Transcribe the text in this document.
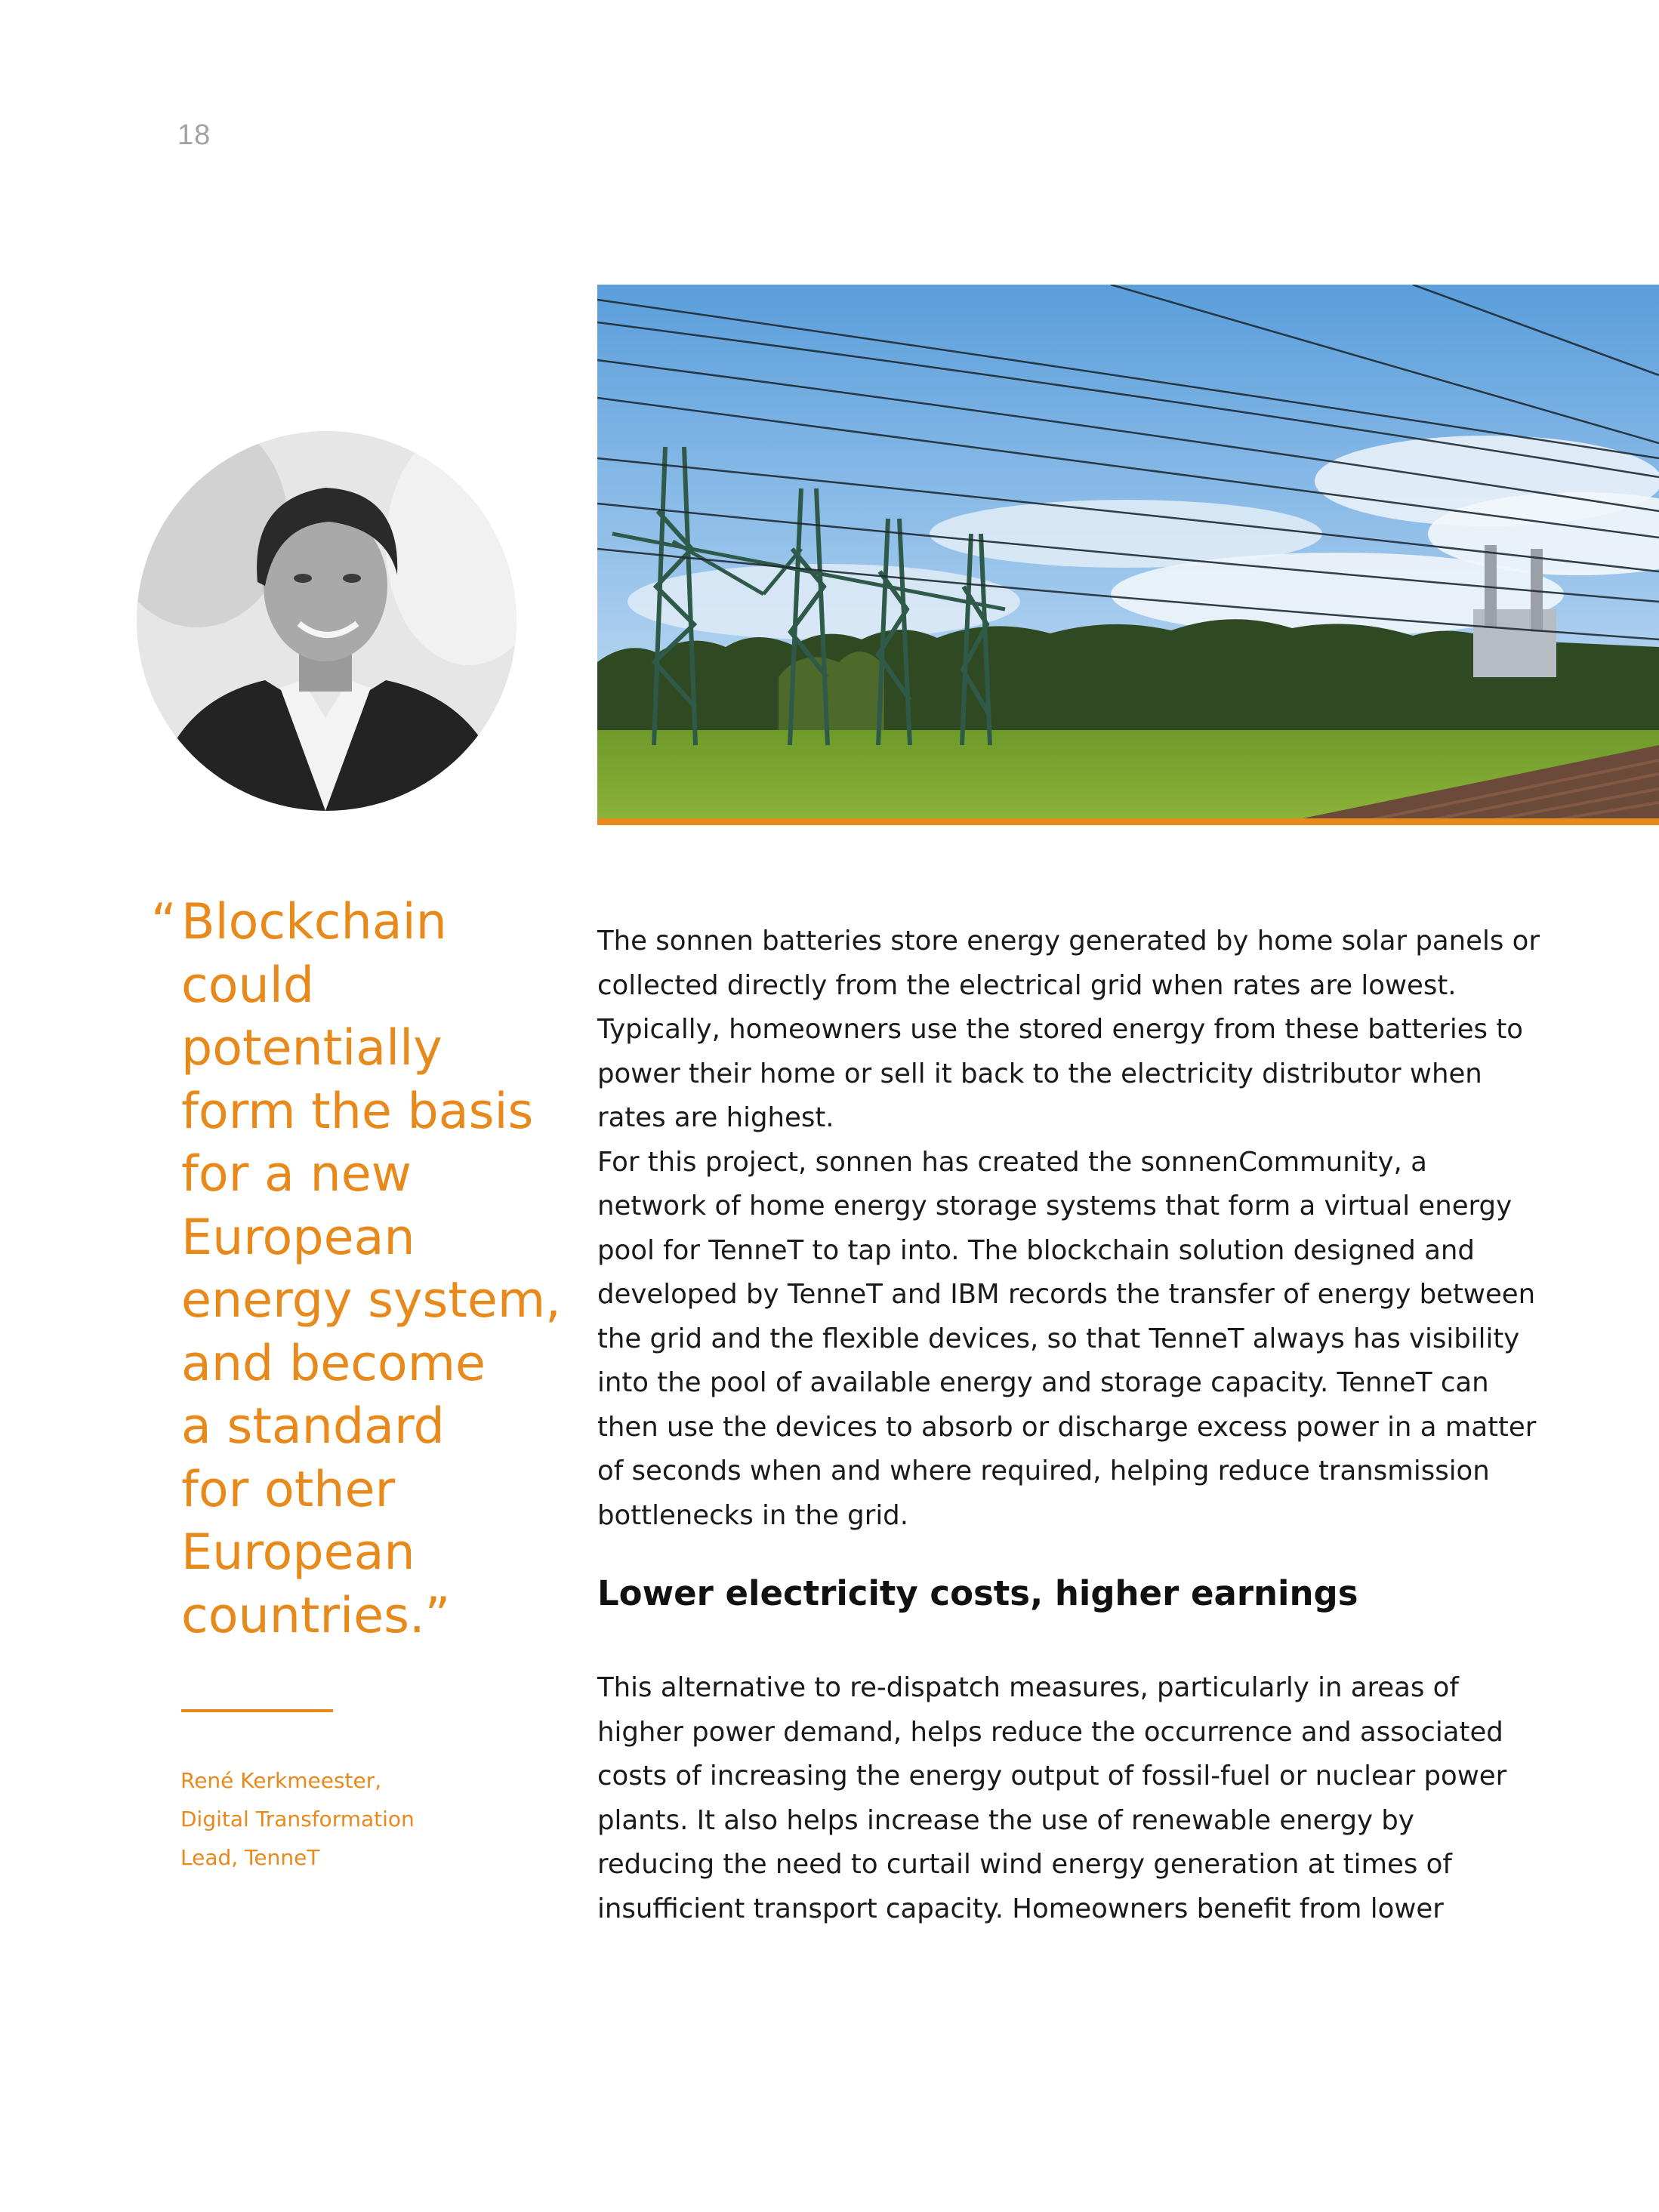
18
“ Blockchain
could
potentially
form the basis
for a new
European
energy system,
and become
a standard
for other
European
countries.”
René Kerkmeester,
Digital Transformation
Lead, TenneT
The sonnen batteries store energy generated by home solar panels or
collected directly from the electrical grid when rates are lowest.
Typically, homeowners use the stored energy from these batteries to
power their home or sell it back to the electricity distributor when
rates are highest.
For this project, sonnen has created the sonnenCommunity, a
network of home energy storage systems that form a virtual energy
pool for TenneT to tap into. The blockchain solution designed and
developed by TenneT and IBM records the transfer of energy between
the grid and the flexible devices, so that TenneT always has visibility
into the pool of available energy and storage capacity. TenneT can
then use the devices to absorb or discharge excess power in a matter
of seconds when and where required, helping reduce transmission
bottlenecks in the grid.
Lower electricity costs, higher earnings
This alternative to re-dispatch measures, particularly in areas of
higher power demand, helps reduce the occurrence and associated
costs of increasing the energy output of fossil-fuel or nuclear power
plants. It also helps increase the use of renewable energy by
reducing the need to curtail wind energy generation at times of
insufficient transport capacity. Homeowners benefit from lower
